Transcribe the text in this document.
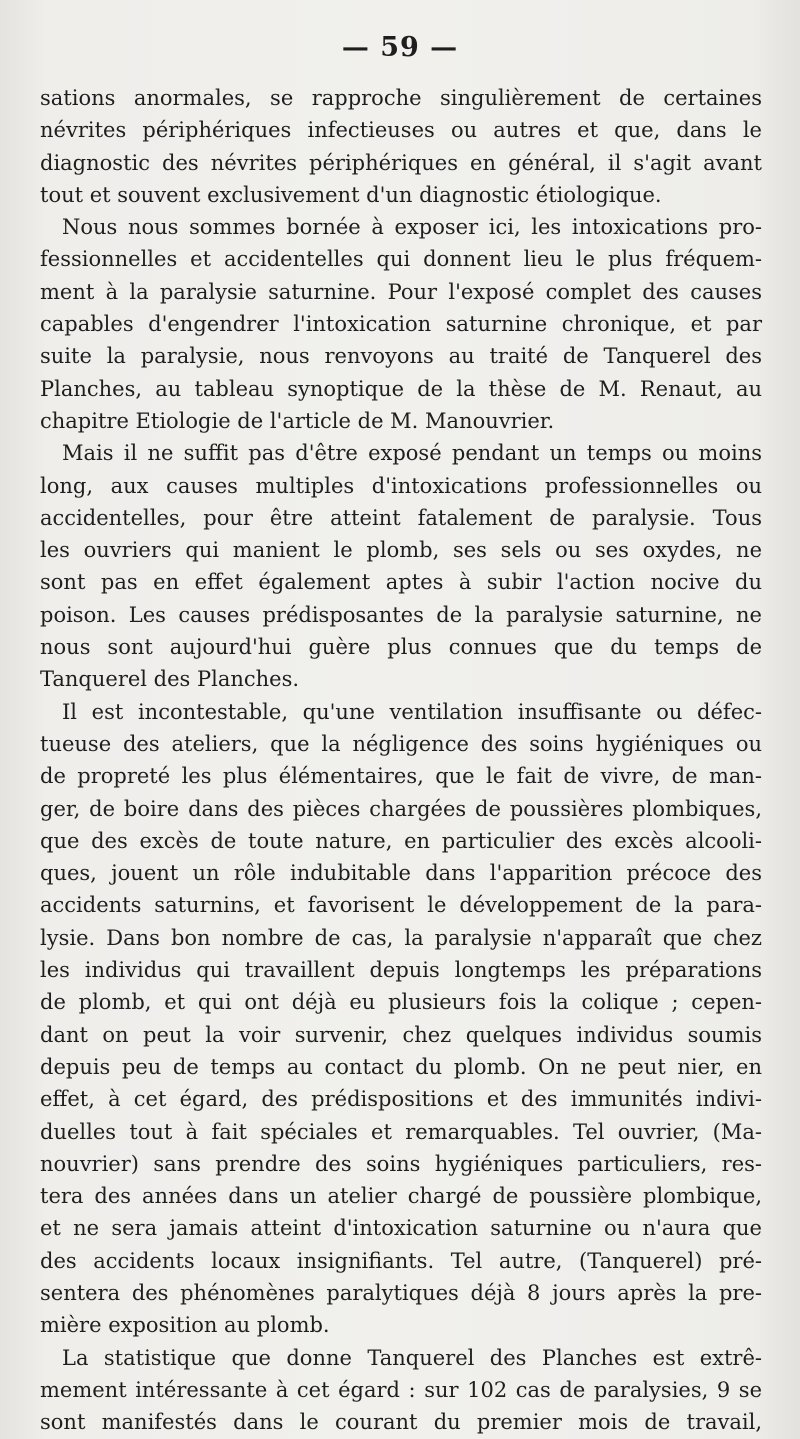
— 59 —

sations anormales, se rapproche singulièrement de certaines
névrites périphériques infectieuses ou autres et que, dans le
diagnostic des névrites périphériques en général, il s'agit avant
tout et souvent exclusivement d'un diagnostic étiologique.

Nous nous sommes bornée à exposer ici, les intoxications pro-
fessionnelles et accidentelles qui donnent lieu le plus fréquem-
ment à la paralysie saturnine. Pour l'exposé complet des causes
capables d'engendrer l'intoxication saturnine chronique, et par
suite la paralysie, nous renvoyons au traité de Tanquerel des
Planches, au tableau synoptique de la thèse de M. Renaut, au
chapitre Etiologie de l'article de M. Manouvrier.

Mais il ne suffit pas d'être exposé pendant un temps ou moins
long, aux causes multiples d'intoxications professionnelles ou
accidentelles, pour être atteint fatalement de paralysie. Tous
les ouvriers qui manient le plomb, ses sels ou ses oxydes, ne
sont pas en effet également aptes à subir l'action nocive du
poison. Les causes prédisposantes de la paralysie saturnine, ne
nous sont aujourd'hui guère plus connues que du temps de
Tanquerel des Planches.

Il est incontestable, qu'une ventilation insuffisante ou défec-
tueuse des ateliers, que la négligence des soins hygiéniques ou
de propreté les plus élémentaires, que le fait de vivre, de man-
ger, de boire dans des pièces chargées de poussières plombiques,
que des excès de toute nature, en particulier des excès alcooli-
ques, jouent un rôle indubitable dans l'apparition précoce des
accidents saturnins, et favorisent le développement de la para-
lysie. Dans bon nombre de cas, la paralysie n'apparaît que chez
les individus qui travaillent depuis longtemps les préparations
de plomb, et qui ont déjà eu plusieurs fois la colique ; cepen-
dant on peut la voir survenir, chez quelques individus soumis
depuis peu de temps au contact du plomb. On ne peut nier, en
effet, à cet égard, des prédispositions et des immunités indivi-
duelles tout à fait spéciales et remarquables. Tel ouvrier, (Ma-
nouvrier) sans prendre des soins hygiéniques particuliers, res-
tera des années dans un atelier chargé de poussière plombique,
et ne sera jamais atteint d'intoxication saturnine ou n'aura que
des accidents locaux insignifiants. Tel autre, (Tanquerel) pré-
sentera des phénomènes paralytiques déjà 8 jours après la pre-
mière exposition au plomb.

La statistique que donne Tanquerel des Planches est extrê-
mement intéressante à cet égard : sur 102 cas de paralysies, 9 se
sont manifestés dans le courant du premier mois de travail,
